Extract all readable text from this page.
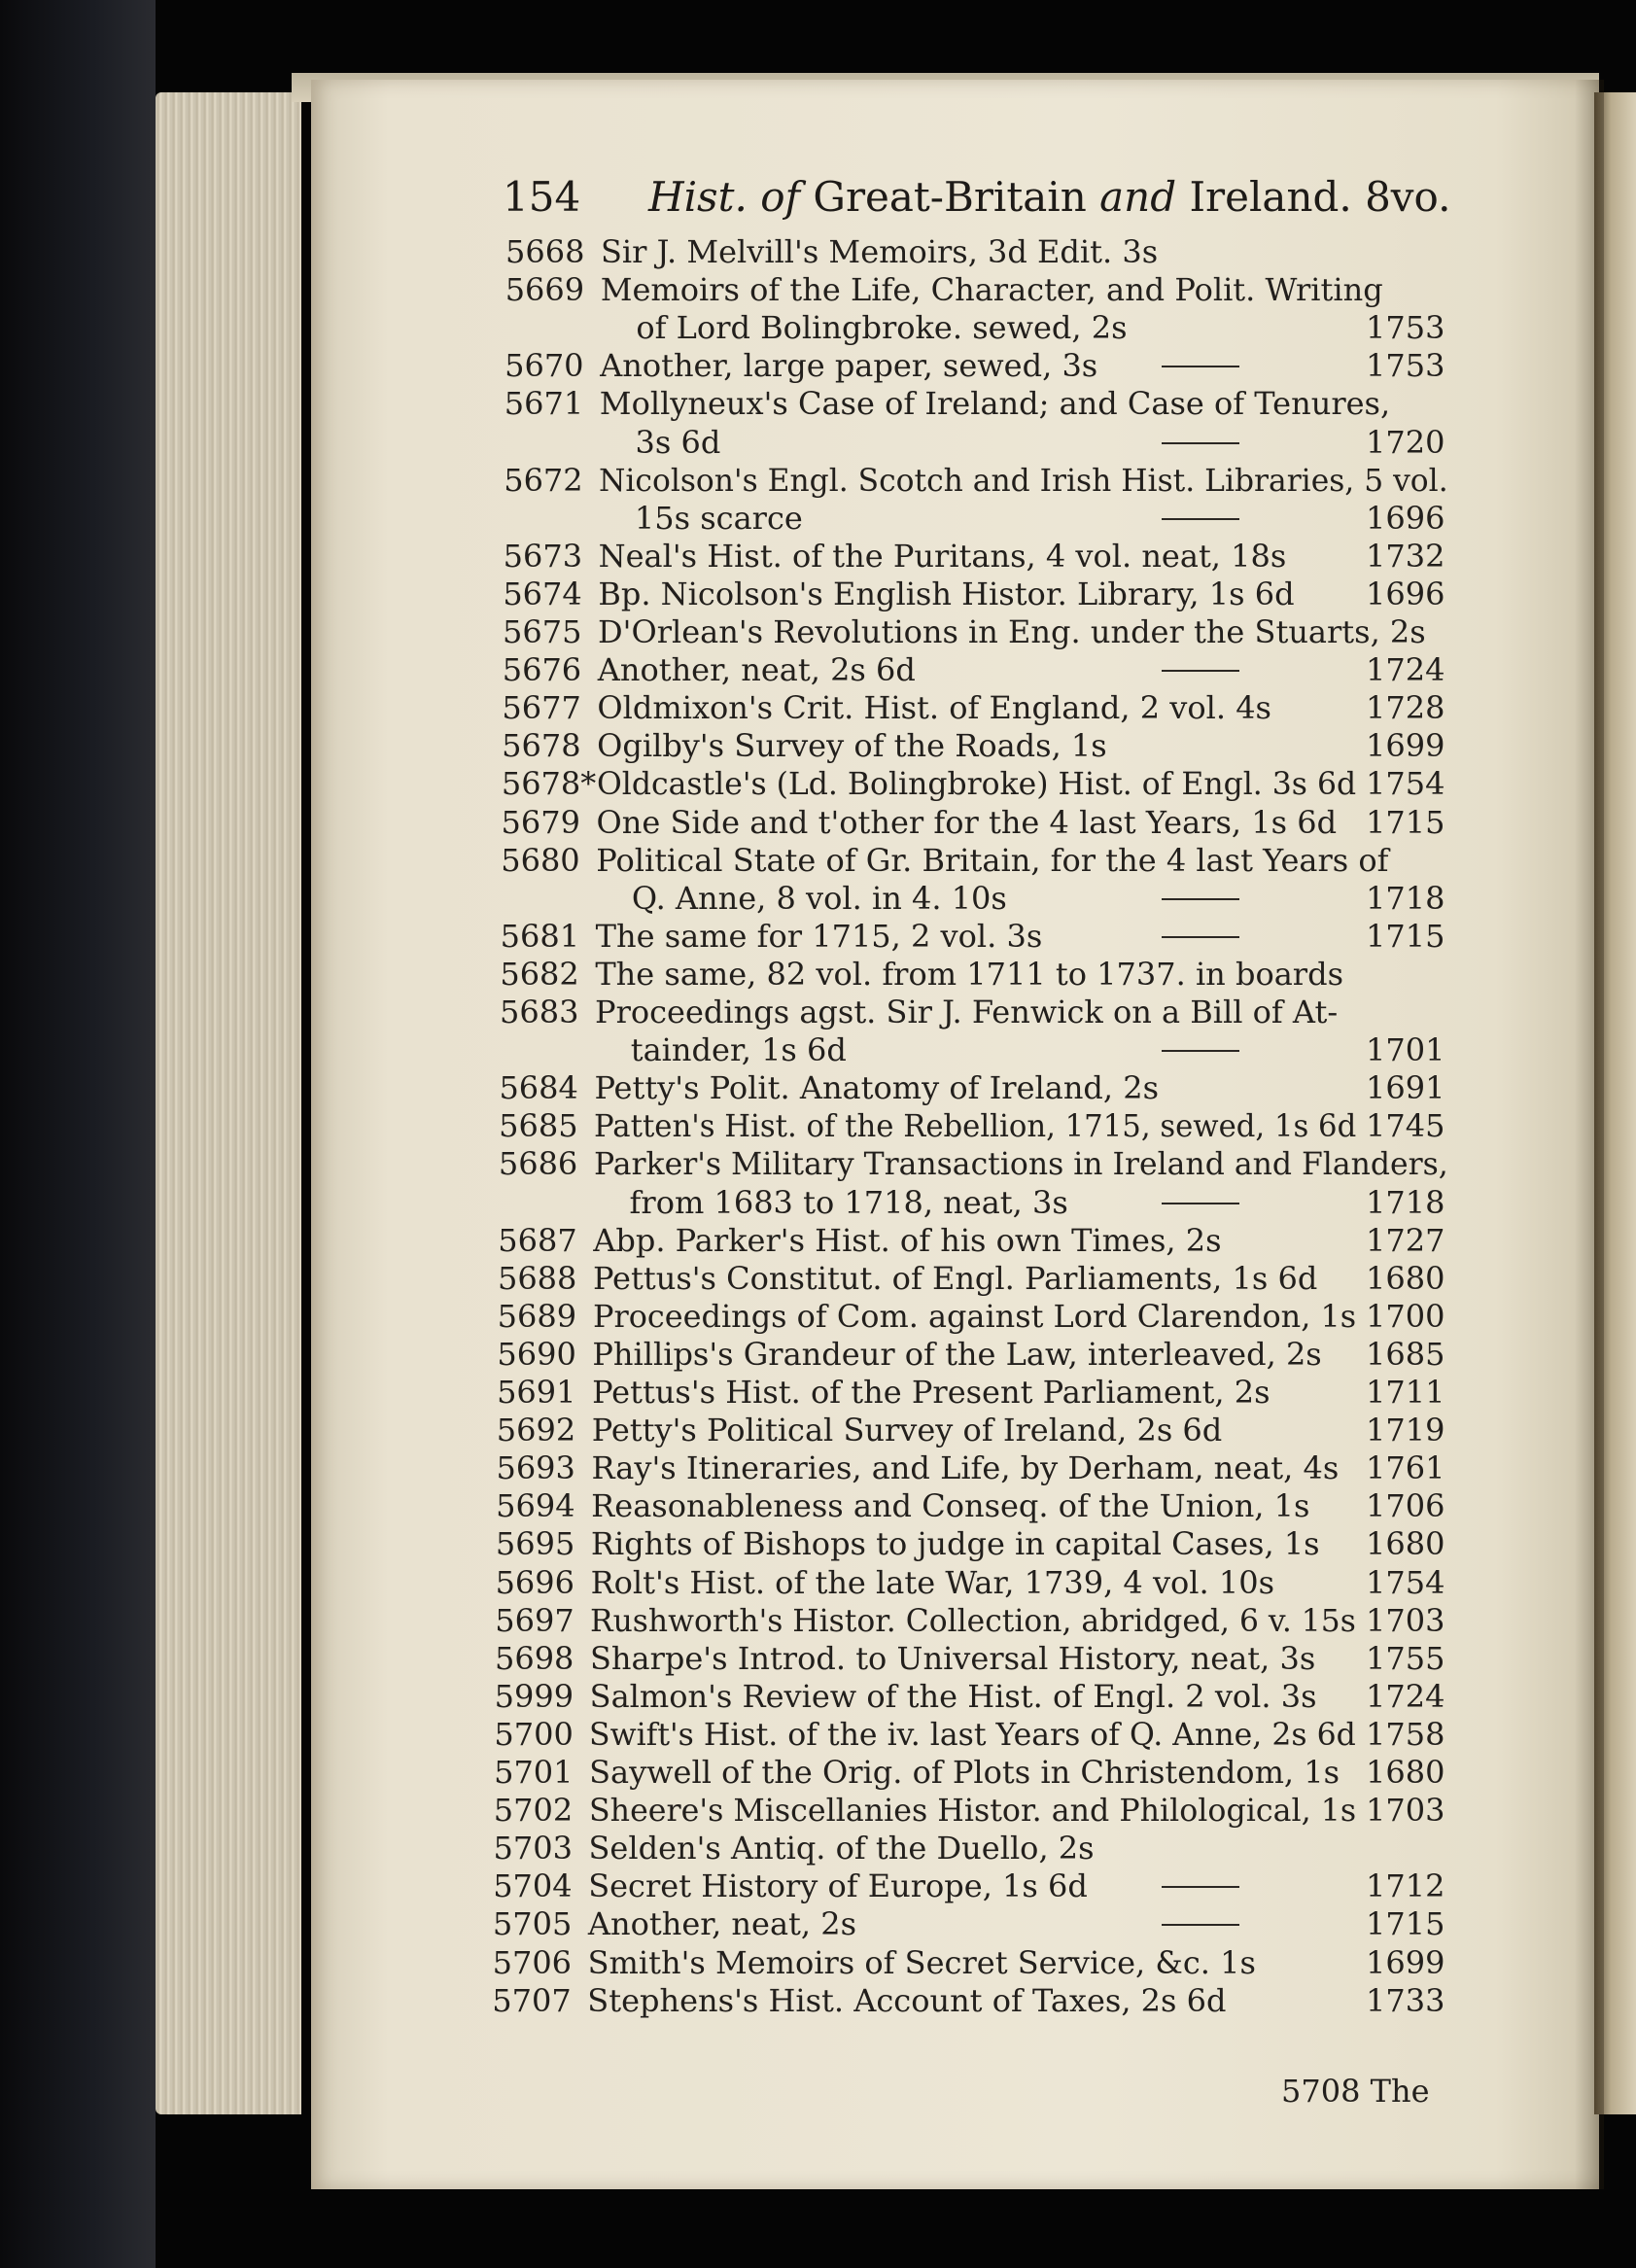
154 Hist. of Great-Britain and Ireland. 8vo.
5668 Sir J. Melvill's Memoirs, 3d Edit. 3s
5669 Memoirs of the Life, Character, and Polit. Writing
of Lord Bolingbroke. sewed, 2s	1753
5670 Another, large paper, sewed, 3s	1753
5671 Mollyneux's Case of Ireland; and Case of Tenures,
3s 6d	1720
5672 Nicolson's Engl. Scotch and Irish Hist. Libraries, 5 vol.
15s scarce	1696
5673 Neal's Hist. of the Puritans, 4 vol. neat, 18s	1732
5674 Bp. Nicolson's English Histor. Library, 1s 6d 1696
5675 D'Orlean's Revolutions in Eng. under the Stuarts, 2s
5676 Another, neat, 2s 6d	1724
5677 Oldmixon's Crit. Hist. of England, 2 vol. 4s	1728
5678 Ogilby's Survey of the Roads, 1s	1699
5678* Oldcastle's (Ld. Bolingbroke) Hist. of Engl. 3s 6d 1754
5679 One Side and t'other for the 4 last Years, 1s 6d 1715
5680 Political State of Gr. Britain, for the 4 last Years of
Q. Anne, 8 vol. in 4. 10s	1718
5681 The same for 1715, 2 vol. 3s	1715
5682 The same, 82 vol. from 1711 to 1737. in boards
5683 Proceedings agst. Sir J. Fenwick on a Bill of At-
tainder, 1s 6d	1701
5684 Petty's Polit. Anatomy of Ireland, 2s	1691
5685 Patten's Hist. of the Rebellion, 1715, sewed, 1s 6d 1745
5686 Parker's Military Transactions in Ireland and Flanders,
from 1683 to 1718, neat, 3s	1718
5687 Abp. Parker's Hist. of his own Times, 2s	1727
5688 Pettus's Constitut. of Engl. Parliaments, 1s 6d 1680
5689 Proceedings of Com. against Lord Clarendon, 1s 1700
5690 Phillips's Grandeur of the Law, interleaved, 2s 1685
5691 Pettus's Hist. of the Present Parliament, 2s	1711
5692 Petty's Political Survey of Ireland, 2s 6d	1719
5693 Ray's Itineraries, and Life, by Derham, neat, 4s 1761
5694 Reasonableness and Conseq. of the Union, 1s 1706
5695 Rights of Bishops to judge in capital Cases, 1s 1680
5696 Rolt's Hist. of the late War, 1739, 4 vol. 10s	1754
5697 Rushworth's Histor. Collection, abridged, 6 v. 15s 1703
5698 Sharpe's Introd. to Universal History, neat, 3s 1755
5999 Salmon's Review of the Hist. of Engl. 2 vol. 3s 1724
5700 Swift's Hist. of the iv. last Years of Q. Anne, 2s 6d 1758
5701 Saywell of the Orig. of Plots in Christendom, 1s 1680
5702 Sheere's Miscellanies Histor. and Philological, 1s 1703
5703 Selden's Antiq. of the Duello, 2s
5704 Secret History of Europe, 1s 6d	1712
5705 Another, neat, 2s	1715
5706 Smith's Memoirs of Secret Service, &c. 1s	1699
5707 Stephens's Hist. Account of Taxes, 2s 6d	1733
5708 The
